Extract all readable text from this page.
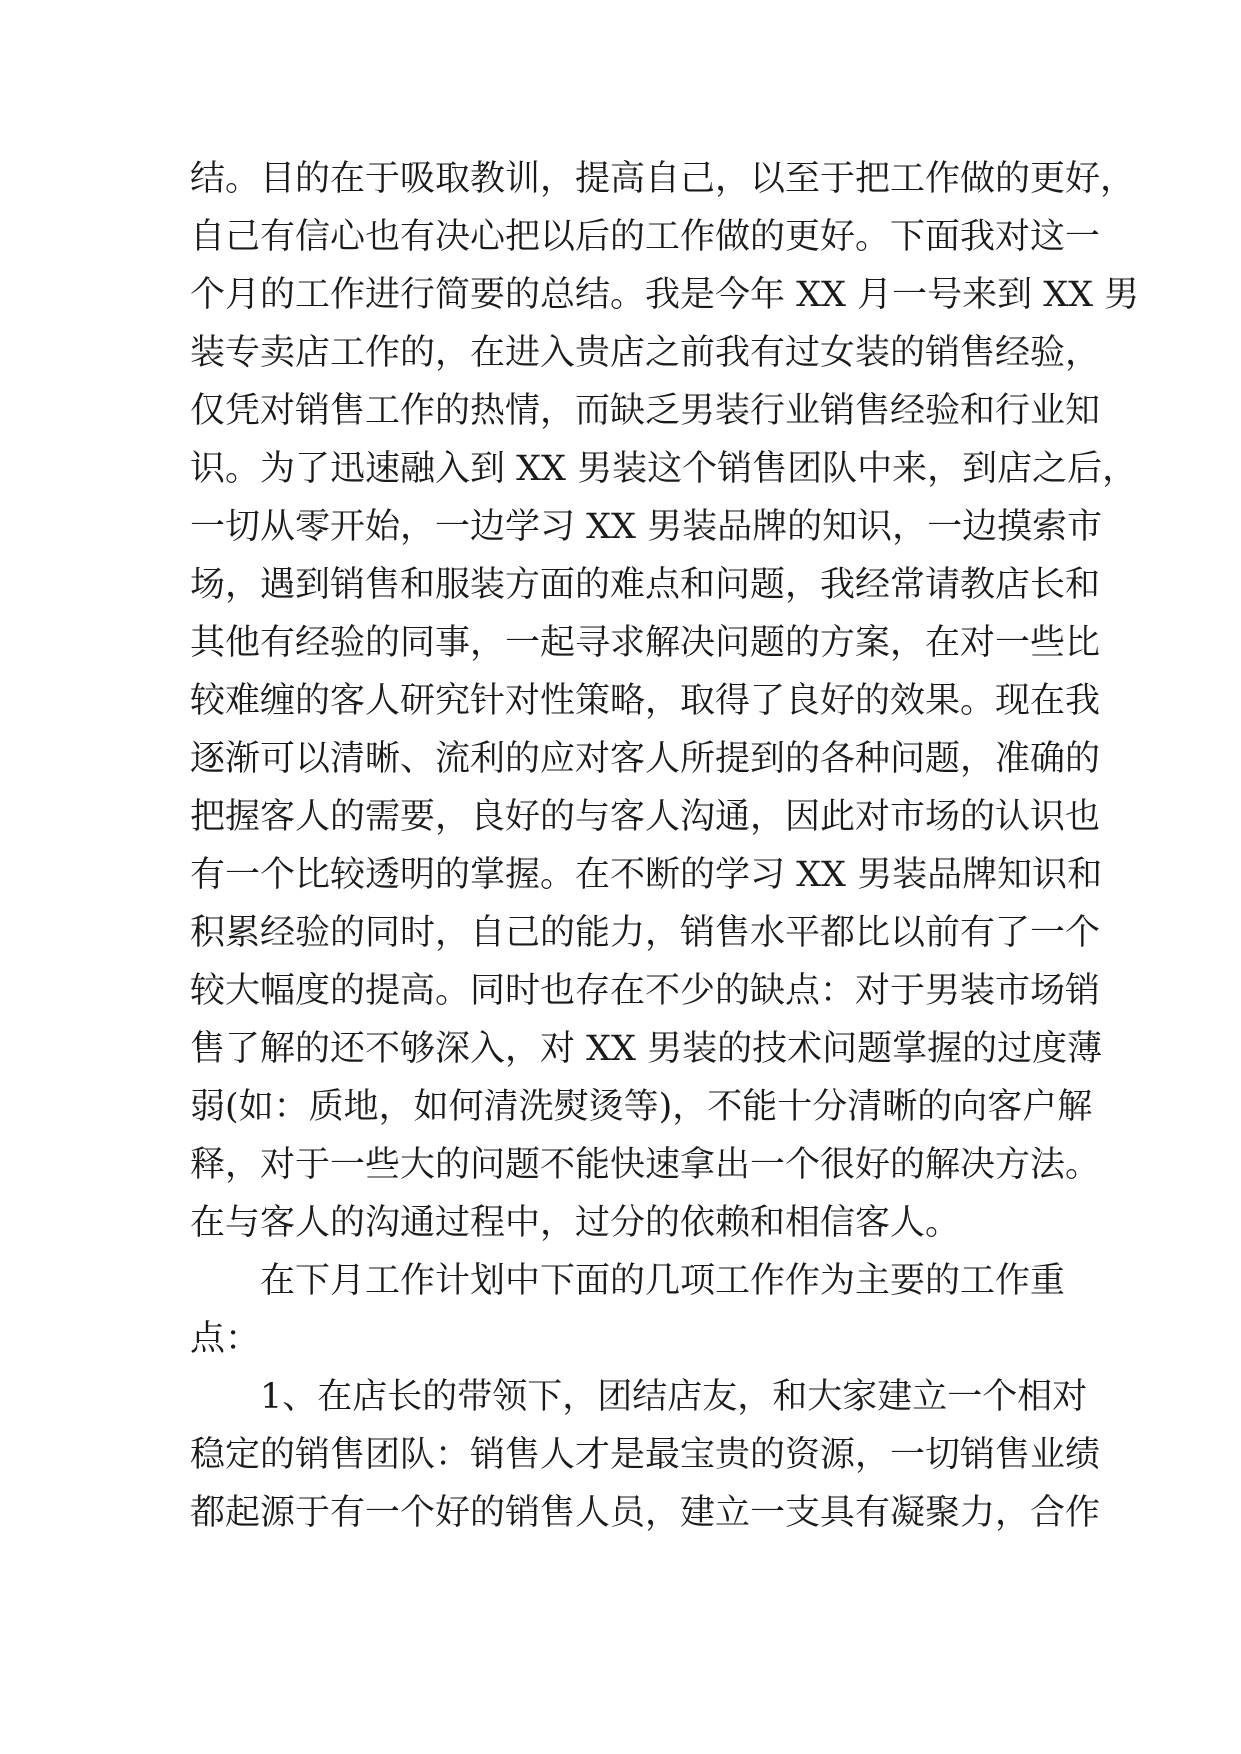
结。目的在于吸取教训，提高自己，以至于把工作做的更好，
自己有信心也有决心把以后的工作做的更好。下面我对这一
个月的工作进行简要的总结。我是今年 XX 月一号来到 XX 男
装专卖店工作的，在进入贵店之前我有过女装的销售经验，
仅凭对销售工作的热情，而缺乏男装行业销售经验和行业知
识。为了迅速融入到 XX 男装这个销售团队中来，到店之后，
一切从零开始，一边学习 XX 男装品牌的知识，一边摸索市
场，遇到销售和服装方面的难点和问题，我经常请教店长和
其他有经验的同事，一起寻求解决问题的方案，在对一些比
较难缠的客人研究针对性策略，取得了良好的效果。现在我
逐渐可以清晰、流利的应对客人所提到的各种问题，准确的
把握客人的需要，良好的与客人沟通，因此对市场的认识也
有一个比较透明的掌握。在不断的学习 XX 男装品牌知识和
积累经验的同时，自己的能力，销售水平都比以前有了一个
较大幅度的提高。同时也存在不少的缺点：对于男装市场销
售了解的还不够深入，对 XX 男装的技术问题掌握的过度薄
弱(如：质地，如何清洗熨烫等)，不能十分清晰的向客户解
释，对于一些大的问题不能快速拿出一个很好的解决方法。
在与客人的沟通过程中，过分的依赖和相信客人。
在下月工作计划中下面的几项工作作为主要的工作重
点：
1、在店长的带领下，团结店友，和大家建立一个相对
稳定的销售团队：销售人才是最宝贵的资源，一切销售业绩
都起源于有一个好的销售人员，建立一支具有凝聚力，合作
